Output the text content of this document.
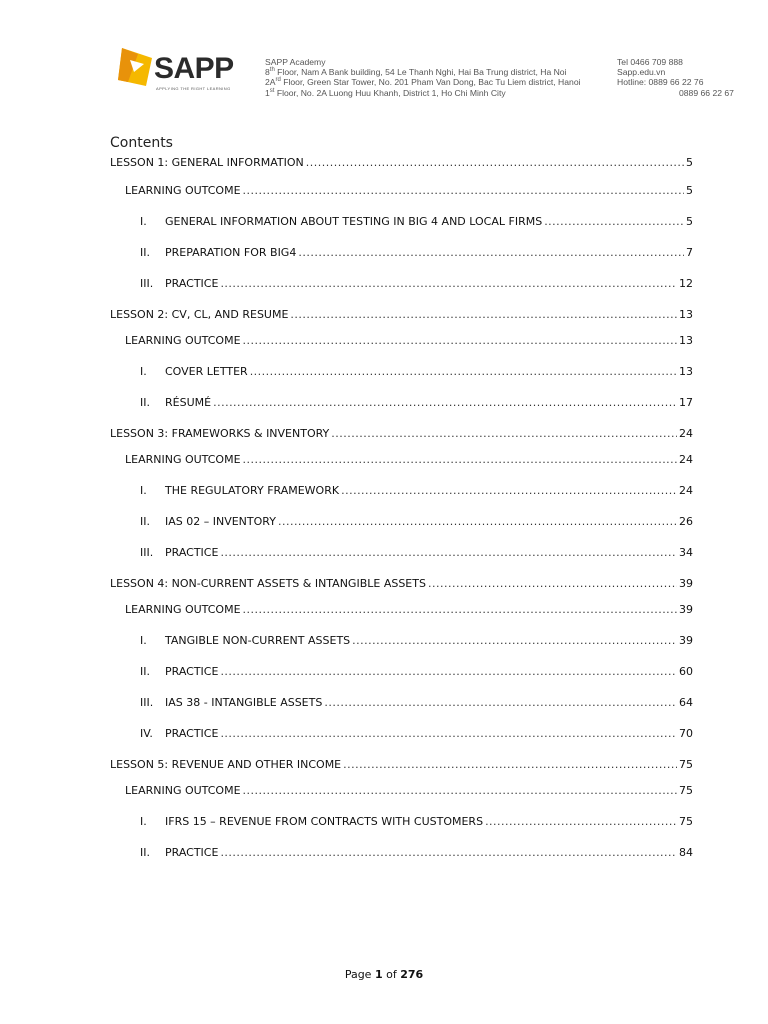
SAPP
APPLYING THE RIGHT LEARNING
SAPP Academy
8th Floor, Nam A Bank building, 54 Le Thanh Nghi, Hai Ba Trung district, Ha Noi
$2A^{rd}$ Floor, Green Star Tower, No. 201 Pham Van Dong, Bac Tu Liem district, Hanoi
1st Floor, No. 2A Luong Huu Khanh, District 1, Ho Chi Minh City
Tel 0466 709 888
Sapp.edu.vn
Hotline: 0889 66 22 76
0889 66 22 67
Contents
LESSON 1: GENERAL INFORMATION .....	5
LEARNING OUTCOME .....	5
I.	GENERAL INFORMATION ABOUT TESTING IN BIG 4 AND LOCAL FIRMS .....	5
II.	PREPARATION FOR BIG4 .....	7
III.	PRACTICE .....	12
LESSON 2: CV, CL, AND RESUME .....	13
LEARNING OUTCOME .....	13
I.	COVER LETTER .....	13
II.	RÉSUMÉ .....	17
LESSON 3: FRAMEWORKS & INVENTORY .....	24
LEARNING OUTCOME .....	24
I.	THE REGULATORY FRAMEWORK .....	24
II.	IAS 02 – INVENTORY .....	26
III.	PRACTICE .....	34
LESSON 4: NON-CURRENT ASSETS & INTANGIBLE ASSETS .....	39
LEARNING OUTCOME .....	39
I.	TANGIBLE NON-CURRENT ASSETS .....	39
II.	PRACTICE .....	60
III.	IAS 38 - INTANGIBLE ASSETS .....	64
IV.	PRACTICE .....	70
LESSON 5: REVENUE AND OTHER INCOME .....	75
LEARNING OUTCOME .....	75
I.	IFRS 15 – REVENUE FROM CONTRACTS WITH CUSTOMERS .....	75
II.	PRACTICE .....	84
Page 1 of 276
